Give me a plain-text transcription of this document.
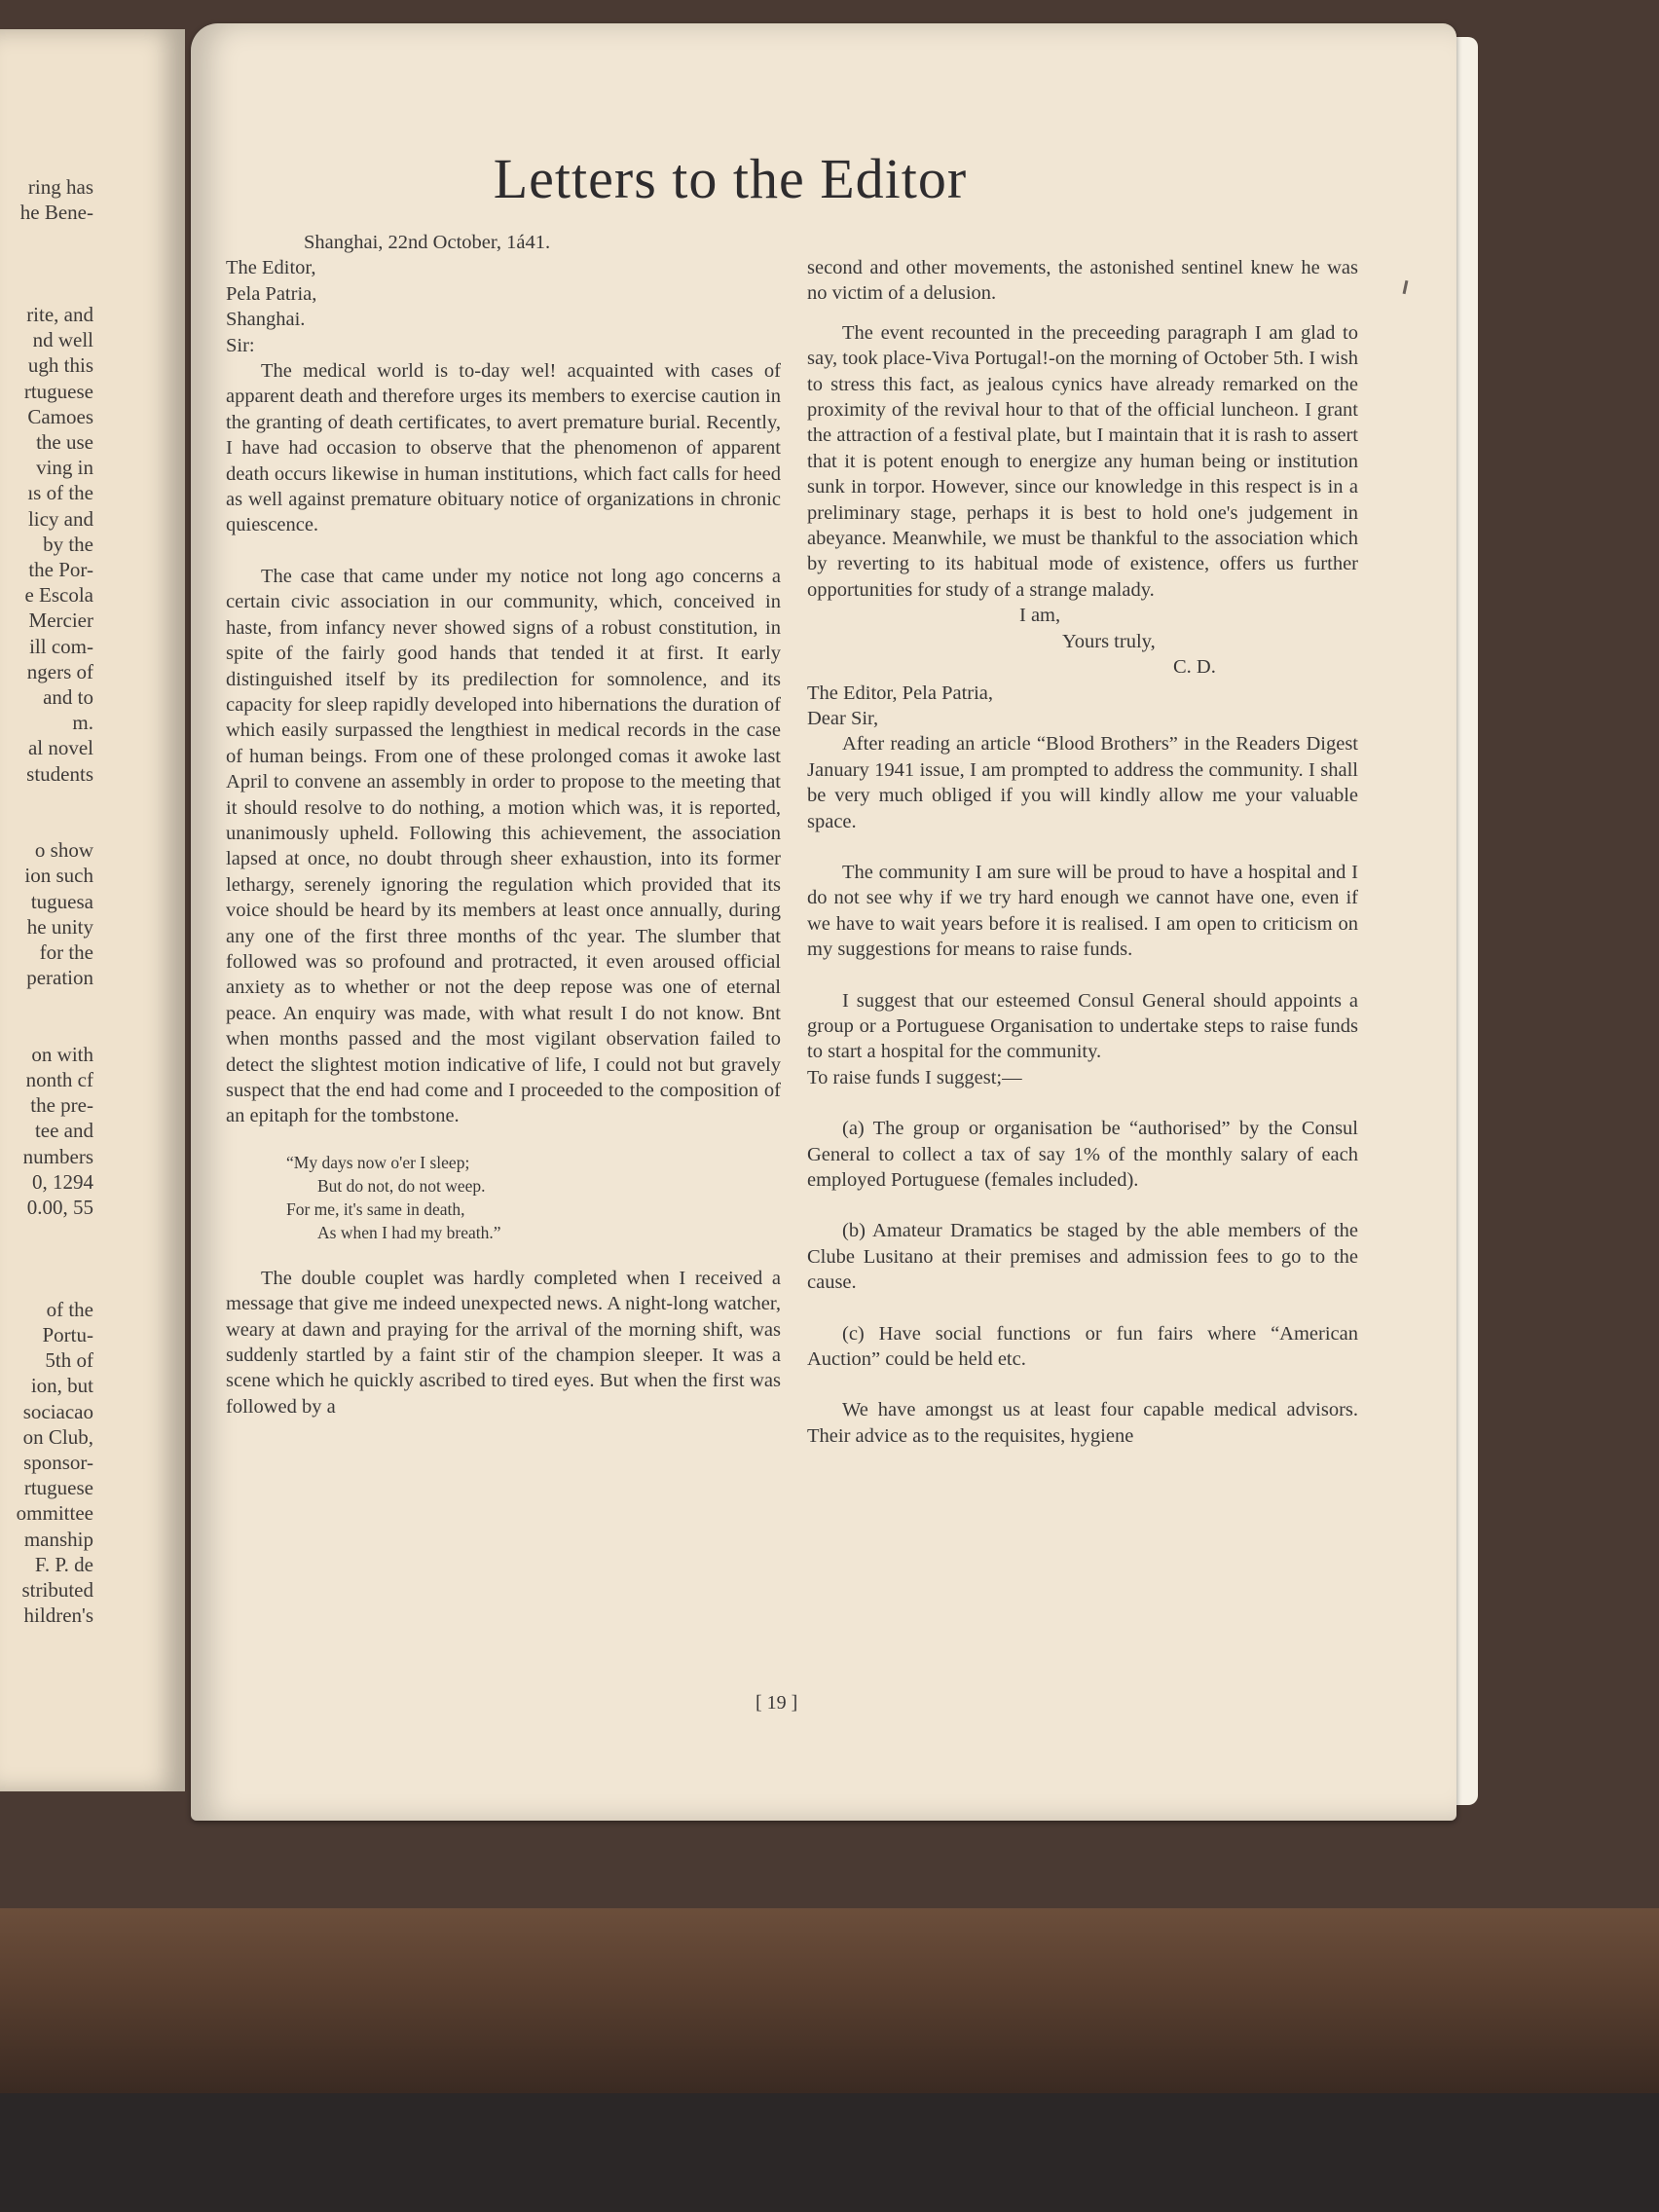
ring has
he Bene-
rite, and
nd well
ugh this
rtuguese
Camoes
the use
ving in
ıs of the
licy and
by the
the Por-
e Escola
Mercier
ill com-
ngers of
and to
m.
al novel
students
o show
ion such
tuguesa
he unity
for the
peration
on with
nonth cf
the pre-
tee and
numbers
0, 1294
0.00, 55
of the
Portu-
5th of
ion, but
sociacao
on Club,
sponsor-
rtuguese
ommittee
manship
F. P. de
stributed
hildren's
Letters to the Editor

Shanghai, 22nd October, 1á41.

The Editor,

Pela Patria,

Shanghai.

Sir:

The medical world is to-day wel! acquainted with cases of apparent death and therefore urges its members to exercise caution in the granting of death certificates, to avert premature burial. Recently, I have had occasion to observe that the phenomenon of apparent death occurs likewise in human institutions, which fact calls for heed as well against premature obituary notice of organizations in chronic quiescence.

The case that came under my notice not long ago concerns a certain civic association in our community, which, conceived in haste, from infancy never showed signs of a robust constitution, in spite of the fairly good hands that tended it at first. It early distinguished itself by its predilection for somnolence, and its capacity for sleep rapidly developed into hibernations the duration of which easily surpassed the lengthiest in medical records in the case of human beings. From one of these prolonged comas it awoke last April to convene an assembly in order to propose to the meeting that it should resolve to do nothing, a motion which was, it is reported, unanimously upheld. Following this achievement, the association lapsed at once, no doubt through sheer exhaustion, into its former lethargy, serenely ignoring the regulation which provided that its voice should be heard by its members at least once annually, during any one of the first three months of thc year. The slumber that followed was so profound and protracted, it even aroused official anxiety as to whether or not the deep repose was one of eternal peace. An enquiry was made, with what result I do not know. Bnt when months passed and the most vigilant observation failed to detect the slightest motion indicative of life, I could not but gravely suspect that the end had come and I proceeded to the composition of an epitaph for the tombstone.

“My days now o'er I sleep;
But do not, do not weep.
For me, it's same in death,
As when I had my breath.”

The double couplet was hardly completed when I received a message that give me indeed unexpected news. A night-long watcher, weary at dawn and praying for the arrival of the morning shift, was suddenly startled by a faint stir of the champion sleeper. It was a scene which he quickly ascribed to tired eyes. But when the first was followed by a

second and other movements, the astonished sentinel knew he was no victim of a delusion.

The event recounted in the preceeding paragraph I am glad to say, took place-Viva Portugal!-on the morning of October 5th. I wish to stress this fact, as jealous cynics have already remarked on the proximity of the revival hour to that of the official luncheon. I grant the attraction of a festival plate, but I maintain that it is rash to assert that it is potent enough to energize any human being or institution sunk in torpor. However, since our knowledge in this respect is in a preliminary stage, perhaps it is best to hold one's judgement in abeyance. Meanwhile, we must be thankful to the association which by reverting to its habitual mode of existence, offers us further opportunities for study of a strange malady.

I am,
Yours truly,
C. D.

The Editor, Pela Patria,

Dear Sir,

After reading an article “Blood Brothers” in the Readers Digest January 1941 issue, I am prompted to address the community. I shall be very much obliged if you will kindly allow me your valuable space.

The community I am sure will be proud to have a hospital and I do not see why if we try hard enough we cannot have one, even if we have to wait years before it is realised. I am open to criticism on my suggestions for means to raise funds.

I suggest that our esteemed Consul General should appoints a group or a Portuguese Organisation to undertake steps to raise funds to start a hospital for the community.

To raise funds I suggest;—

(a) The group or organisation be “authorised” by the Consul General to collect a tax of say 1% of the monthly salary of each employed Portuguese (females included).

(b) Amateur Dramatics be staged by the able members of the Clube Lusitano at their premises and admission fees to go to the cause.

(c) Have social functions or fun fairs where “American Auction” could be held etc.

We have amongst us at least four capable medical advisors. Their advice as to the requisites, hygiene

[ 19 ]
